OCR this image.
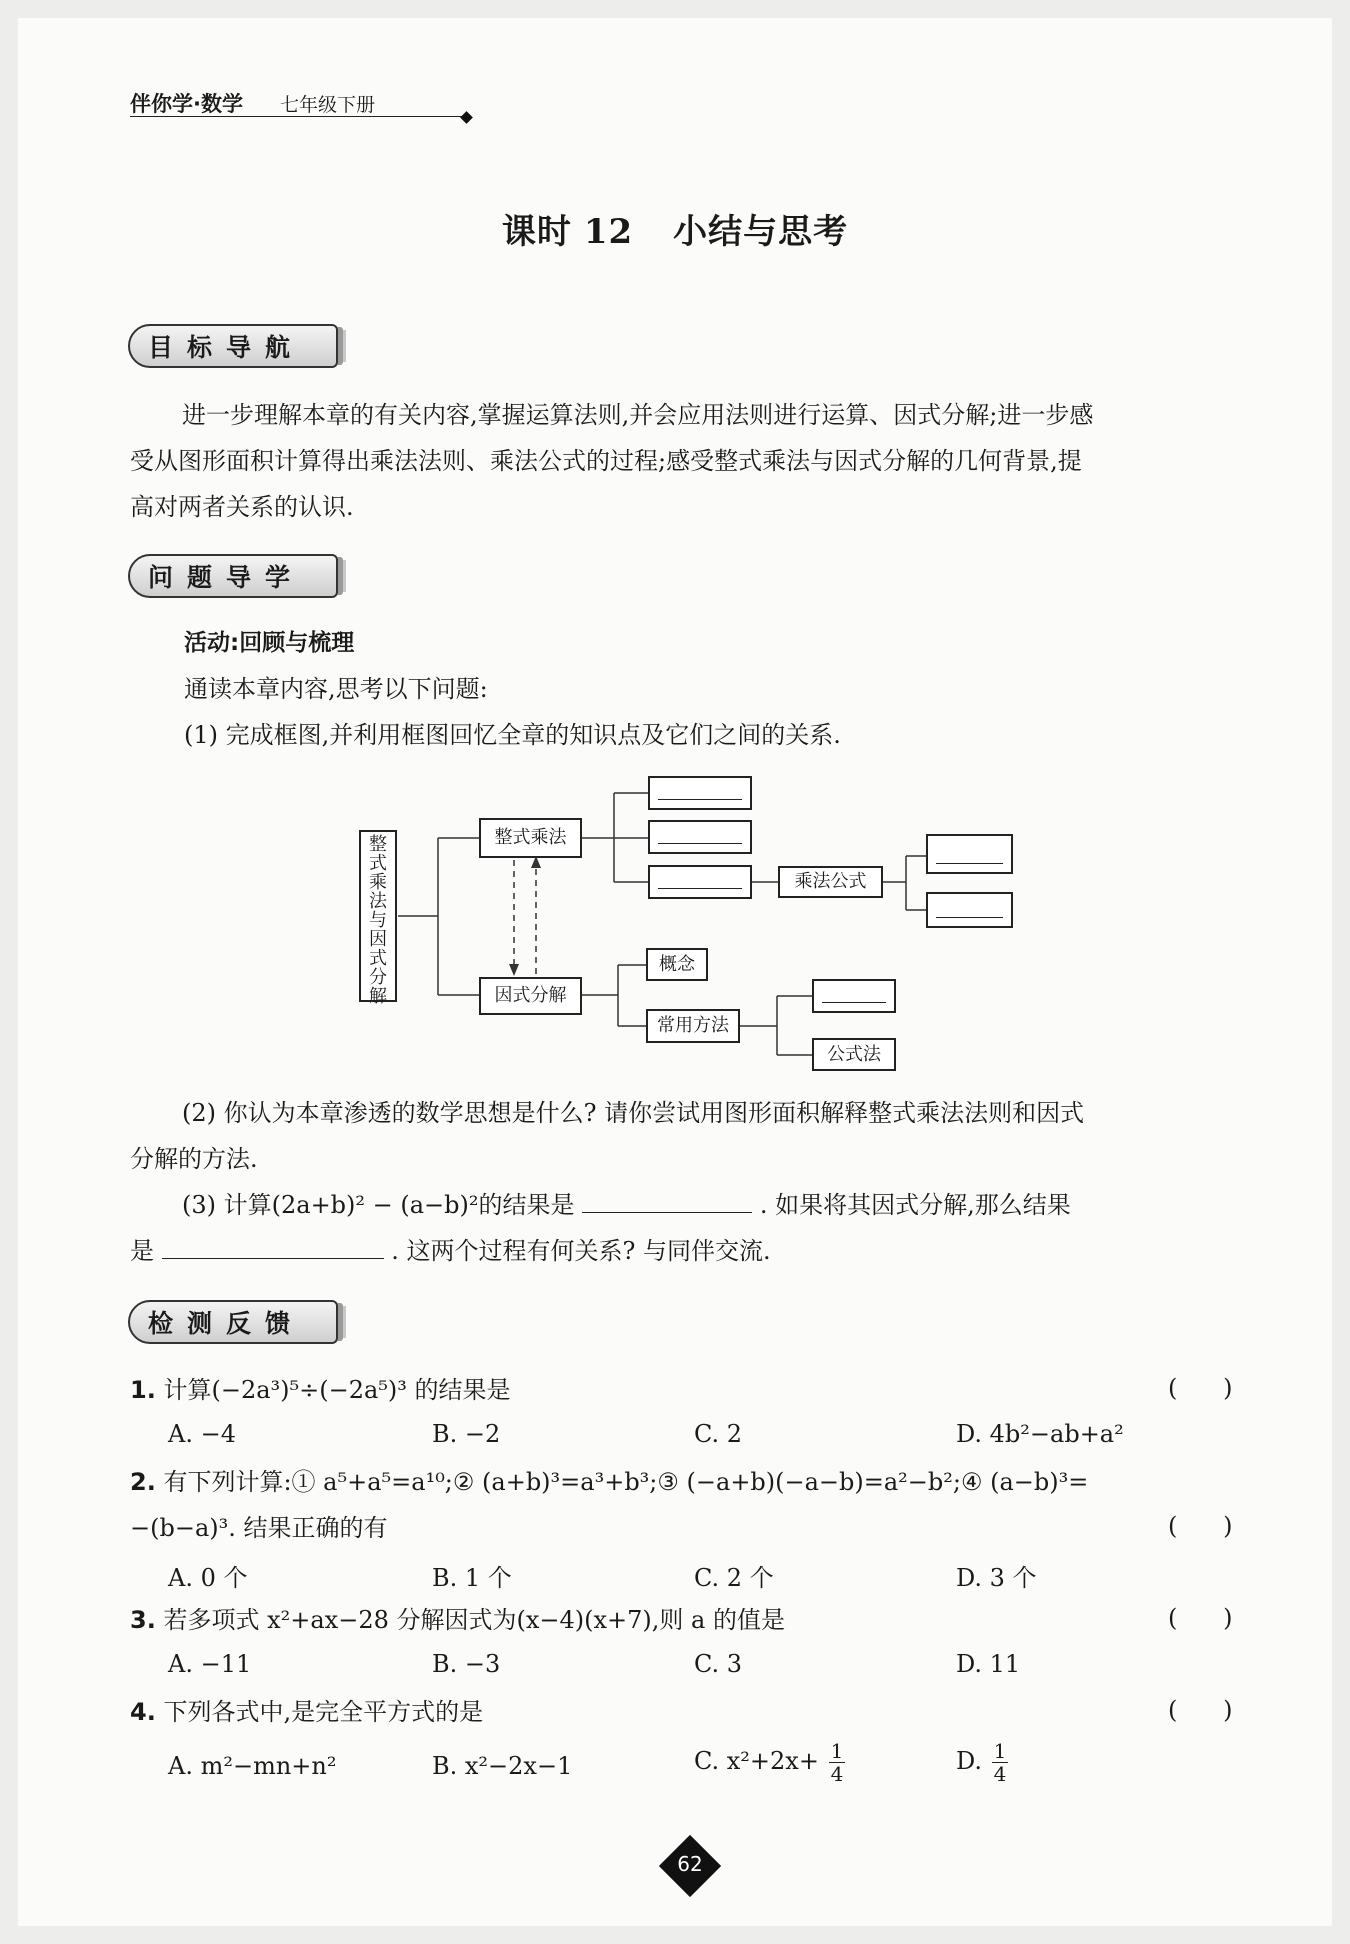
伴你学·数学 七年级下册
课时 12 小结与思考
目标导航
进一步理解本章的有关内容,掌握运算法则,并会应用法则进行运算、因式分解;进一步感
受从图形面积计算得出乘法法则、乘法公式的过程;感受整式乘法与因式分解的几何背景,提
高对两者关系的认识.
问题导学
活动:回顾与梳理
通读本章内容,思考以下问题:
(1) 完成框图,并利用框图回忆全章的知识点及它们之间的关系.
整
式
乘
法
与
因
式
分
解
整式乘法
因式分解
乘法公式
概念
常用方法
公式法
(2) 你认为本章渗透的数学思想是什么? 请你尝试用图形面积解释整式乘法法则和因式
分解的方法.
(3) 计算(2a+b)² − (a−b)²的结果是	. 如果将其因式分解,那么结果
是	. 这两个过程有何关系? 与同伴交流.
检测反馈
1. 计算(−2a³)⁵÷(−2a⁵)³ 的结果是	(      )
A. −4	B. −2	C. 2	D. 4b²−ab+a²
2. 有下列计算:① a⁵+a⁵=a¹⁰;② (a+b)³=a³+b³;③ (−a+b)(−a−b)=a²−b²;④ (a−b)³=
−(b−a)³. 结果正确的有	(      )
A. 0 个	B. 1 个	C. 2 个	D. 3 个
3. 若多项式 x²+ax−28 分解因式为(x−4)(x+7),则 a 的值是	(      )
A. −11	B. −3	C. 3	D. 11
4. 下列各式中,是完全平方式的是	(      )
A. m²−mn+n²	B. x²−2x−1	C. $x^2+2x+ \frac{1}{4}$	D. $\frac{1}{4}$
62
